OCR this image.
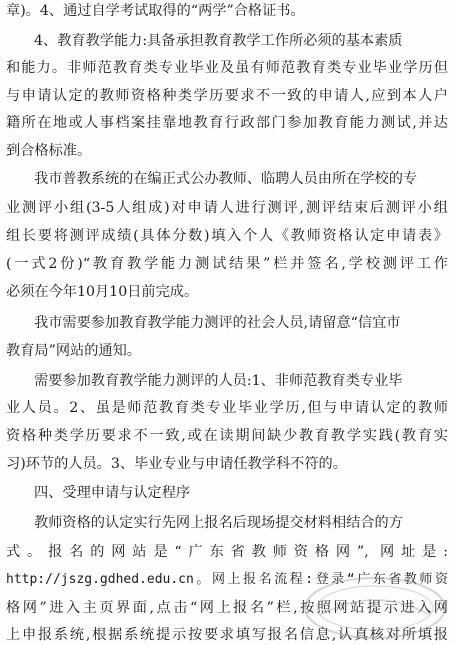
章)。4、通过自学考试取得的“两学”合格证书。
4、教育教学能力:具备承担教育教学工作所必须的基本素质
和能力。非师范教育类专业毕业及虽有师范教育类专业毕业学历但
与申请认定的教师资格种类学历要求不一致的申请人,应到本人户
籍所在地或人事档案挂靠地教育行政部门参加教育能力测试,并达
到合格标准。
我市普教系统的在编正式公办教师、临聘人员由所在学校的专
业测评小组(3-5人组成)对申请人进行测评,测评结束后测评小组
组长要将测评成绩(具体分数)填入个人《教师资格认定申请表》
(一式2份)“教育教学能力测试结果”栏并签名,学校测评工作
必须在今年10月10日前完成。
我市需要参加教育教学能力测评的社会人员,请留意“信宜市
教育局”网站的通知。
需要参加教育教学能力测评的人员:1、非师范教育类专业毕
业人员。2、虽是师范教育类专业毕业学历,但与申请认定的教师
资格种类学历要求不一致,或在读期间缺少教育教学实践(教育实
习)环节的人员。3、毕业专业与申请任教学科不符的。
四、受理申请与认定程序
教师资格的认定实行先网上报名后现场提交材料相结合的方
式。报名的网站是“广东省教师资格网”, 网址是:
http://jszg.gdhed.edu.cn。网上报名流程:登录“广东省教师资
格网”进入主页界面,点击“网上报名”栏,按照网站提示进入网
上申报系统,根据系统提示按要求填写报名信息,认真核对所填报
